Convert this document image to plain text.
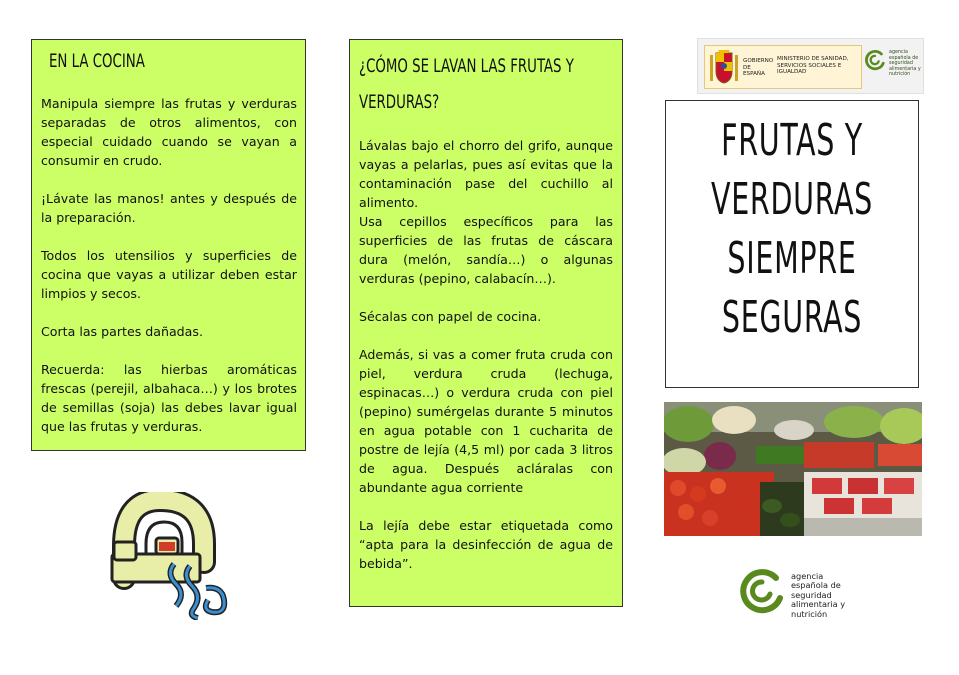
EN LA COCINA

Manipula siempre las frutas y verduras separadas de otros alimentos, con especial cuidado cuando se vayan a consumir en crudo.

¡Lávate las manos! antes y después de la preparación.

Todos los utensilios y superficies de cocina que vayas a utilizar deben estar limpios y secos.

Corta las partes dañadas.

Recuerda: las hierbas aromáticas frescas (perejil, albahaca…) y los brotes de semillas (soja) las debes lavar igual que las frutas y verduras.

¿CÓMO SE LAVAN LAS FRUTAS Y VERDURAS?

Lávalas bajo el chorro del grifo, aunque vayas a pelarlas, pues así evitas que la contaminación pase del cuchillo al alimento.

Usa cepillos específicos para las superficies de las frutas de cáscara dura (melón, sandía…) o algunas verduras (pepino, calabacín…).

Sécalas con papel de cocina.

Además, si vas a comer fruta cruda con piel, verdura cruda (lechuga, espinacas…) o verdura cruda con piel (pepino) sumérgelas durante 5 minutos en agua potable con 1 cucharita de postre de lejía (4,5 ml) por cada 3 litros de agua. Después acláralas con abundante agua corriente

La lejía debe estar etiquetada como “apta para la desinfección de agua de bebida”.

GOBIERNO DE ESPAÑA
MINISTERIO DE SANIDAD, SERVICIOS SOCIALES E IGUALDAD
agencia española de seguridad alimentaria y nutrición
FRUTAS Y
VERDURAS
SIEMPRE
SEGURAS
agencia
española de
seguridad
alimentaria y
nutrición
